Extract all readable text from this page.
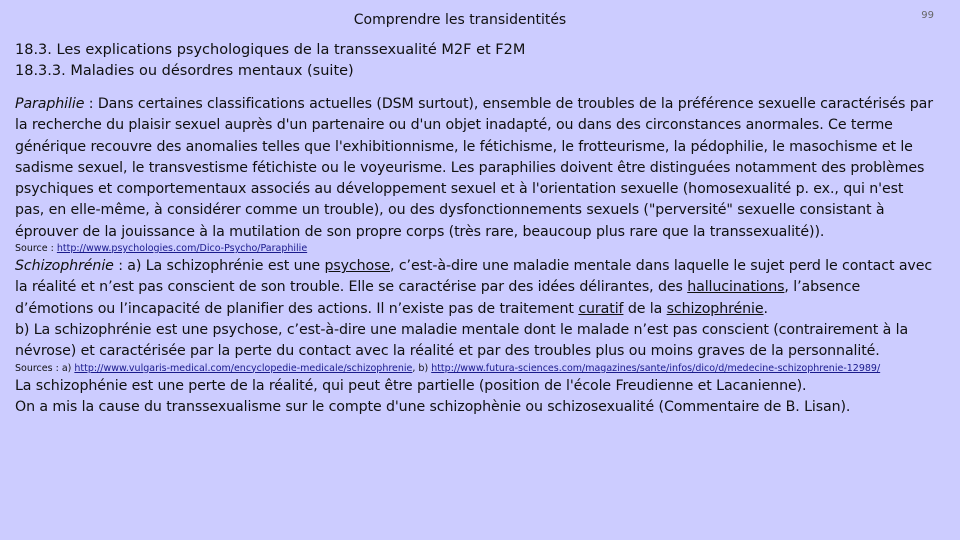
Comprendre les transidentités	99

18.3. Les explications psychologiques de la transsexualité M2F et F2M

18.3.3. Maladies ou désordres mentaux (suite)

Paraphilie : Dans certaines classifications actuelles (DSM surtout), ensemble de troubles de la préférence sexuelle caractérisés par la recherche du plaisir sexuel auprès d'un partenaire ou d'un objet inadapté, ou dans des circonstances anormales. Ce terme générique recouvre des anomalies telles que l'exhibitionnisme, le fétichisme, le frotteurisme, la pédophilie, le masochisme et le sadisme sexuel, le transvestisme fétichiste ou le voyeurisme. Les paraphilies doivent être distinguées notamment des problèmes psychiques et comportementaux associés au développement sexuel et à l'orientation sexuelle (homosexualité p. ex., qui n'est pas, en elle-même, à considérer comme un trouble), ou des dysfonctionnements sexuels ("perversité" sexuelle consistant à éprouver de la jouissance à la mutilation de son propre corps (très rare, beaucoup plus rare que la transsexualité)).

Source : http://www.psychologies.com/Dico-Psycho/Paraphilie

Schizophrénie : a) La schizophrénie est une psychose, c’est-à-dire une maladie mentale dans laquelle le sujet perd le contact avec la réalité et n’est pas conscient de son trouble. Elle se caractérise par des idées délirantes, des hallucinations, l’absence d’émotions ou l’incapacité de planifier des actions. Il n’existe pas de traitement curatif de la schizophrénie.

b) La schizophrénie est une psychose, c’est-à-dire une maladie mentale dont le malade n’est pas conscient (contrairement à la névrose) et caractérisée par la perte du contact avec la réalité et par des troubles plus ou moins graves de la personnalité.

Sources : a) http://www.vulgaris-medical.com/encyclopedie-medicale/schizophrenie, b) http://www.futura-sciences.com/magazines/sante/infos/dico/d/medecine-schizophrenie-12989/

La schizophénie est une perte de la réalité, qui peut être partielle (position de l'école Freudienne et Lacanienne).

On a mis la cause du transsexualisme sur le compte d'une schizophènie ou schizosexualité (Commentaire de B. Lisan).
